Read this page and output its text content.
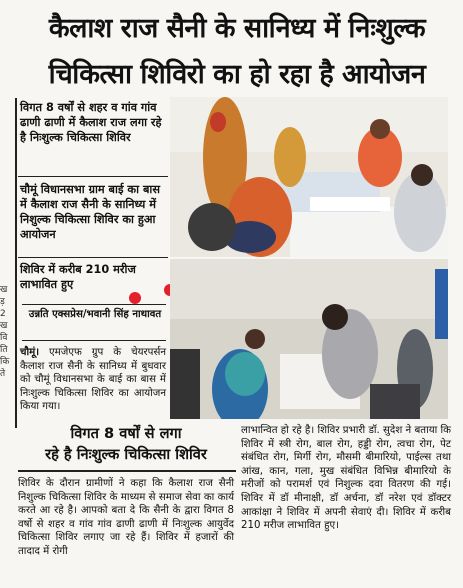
कैलाश राज सैनी के सानिध्य में निःशुल्क
चिकित्सा शिविरो का हो रहा है आयोजन
ख
ड़
2
ख
वि
ति
कि
ते
विगत 8 वर्षों से शहर व गांव गांव ढाणी ढाणी में कैलाश राज लगा रहे है निःशुल्क चिकित्सा शिविर
चौमूं विधानसभा ग्राम बाई का बास में कैलाश राज सैनी के सानिध्य में निशुल्क चिकित्सा शिविर का हुआ आयोजन
शिविर में करीब 210 मरीज लाभावित हुए
उन्नति एक्सप्रेस/भवानी सिंह नाथावत
चौमूं। एमजेएफ ग्रुप के चेयरपर्सन कैलाश राज सैनी के सानिध्य में बुधवार को चौमूं विधानसभा के बाई का बास में निःशुल्क चिकित्सा शिविर का आयोजन किया गया।
विगत 8 वर्षों से लगा
रहे है निःशुल्क चिकित्सा शिविर
शिविर के दौरान ग्रामीणों ने कहा कि कैलाश राज सैनी निशुल्क चिकित्सा शिविर के माध्यम से समाज सेवा का कार्य करते आ रहे है। आपको बता दे कि सैनी के द्वारा विगत 8 वर्षो से शहर व गांव गांव ढाणी ढाणी में निःशुल्क आयुर्वेद चिकित्सा शिविर लगाए जा रहे हैं। शिविर में हजारों की तादाद में रोगी
लाभान्वित हो रहे है। शिविर प्रभारी डॉ. सुदेश ने बताया कि शिविर में स्त्री रोग, बाल रोग, हड्डी रोग, त्वचा रोग, पेट संबंधित रोग, मिर्गी रोग, मौसमी बीमारियो, पाईल्स तथा आंख, कान, गला, मुख संबंधित विभिन्न बीमारियो के मरीजों को परामर्श एवं निशुल्क दवा वितरण की गई। शिविर में डॉ मीनाक्षी, डॉ अर्चना, डॉ नरेश एवं डॉक्टर आकांक्षा ने शिविर में अपनी सेवाएं दी। शिविर में करीब 210 मरीज लाभावित हुए।
